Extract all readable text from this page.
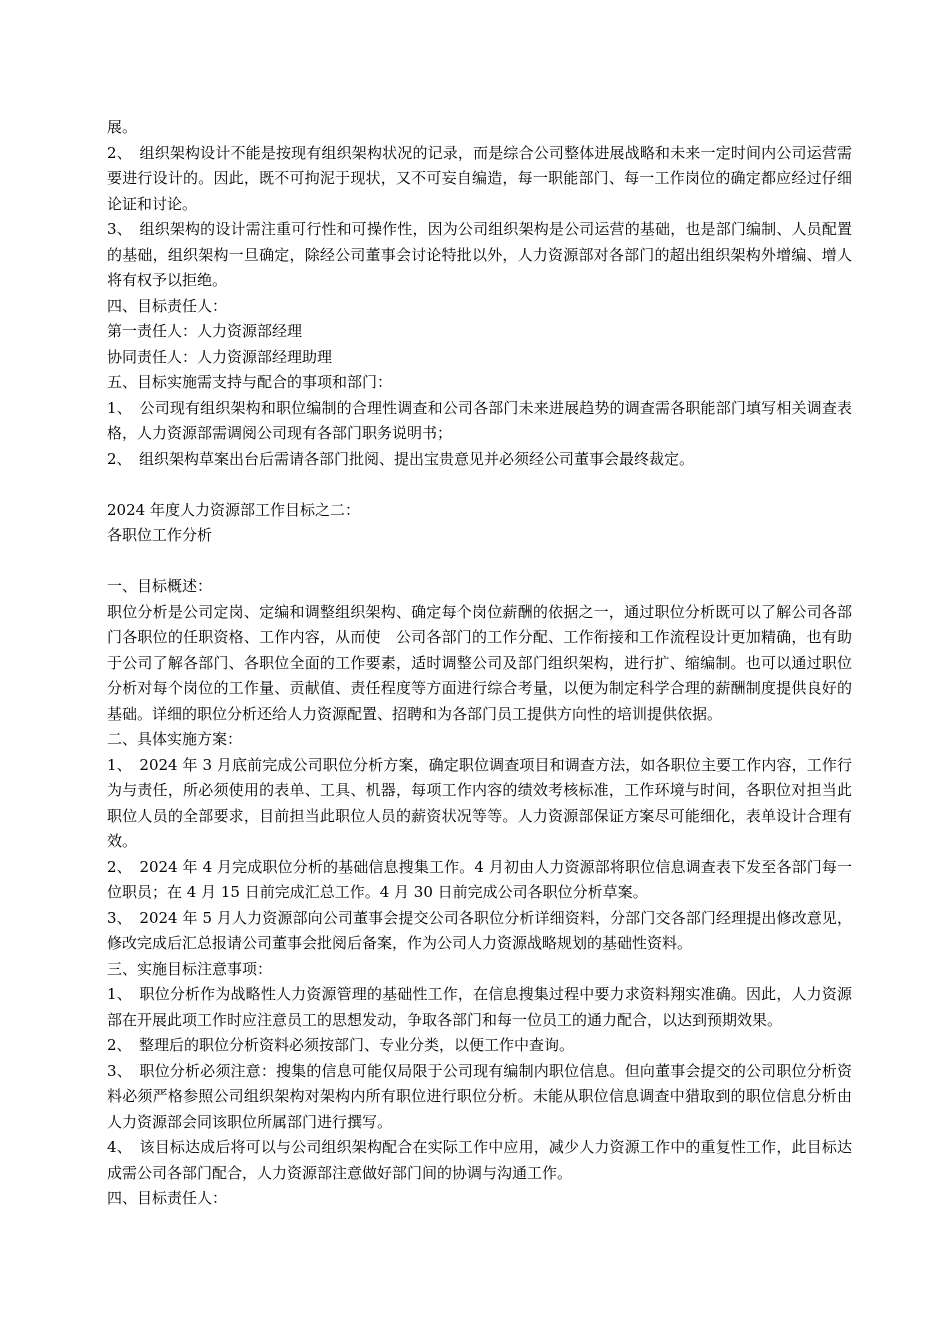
展。

2、　组织架构设计不能是按现有组织架构状况的记录，而是综合公司整体进展战略和未来一定时间内公司运营需要进行设计的。因此，既不可拘泥于现状，又不可妄自编造，每一职能部门、每一工作岗位的确定都应经过仔细论证和讨论。

3、　组织架构的设计需注重可行性和可操作性，因为公司组织架构是公司运营的基础，也是部门编制、人员配置的基础，组织架构一旦确定，除经公司董事会讨论特批以外，人力资源部对各部门的超出组织架构外增编、增人将有权予以拒绝。

四、目标责任人：

第一责任人：人力资源部经理

协同责任人：人力资源部经理助理

五、目标实施需支持与配合的事项和部门：

1、　公司现有组织架构和职位编制的合理性调查和公司各部门未来进展趋势的调查需各职能部门填写相关调查表格，人力资源部需调阅公司现有各部门职务说明书；

2、　组织架构草案出台后需请各部门批阅、提出宝贵意见并必须经公司董事会最终裁定。

2024 年度人力资源部工作目标之二：

各职位工作分析

一、目标概述：

职位分析是公司定岗、定编和调整组织架构、确定每个岗位薪酬的依据之一，通过职位分析既可以了解公司各部门各职位的任职资格、工作内容，从而使　公司各部门的工作分配、工作衔接和工作流程设计更加精确，也有助于公司了解各部门、各职位全面的工作要素，适时调整公司及部门组织架构，进行扩、缩编制。也可以通过职位分析对每个岗位的工作量、贡献值、责任程度等方面进行综合考量，以便为制定科学合理的薪酬制度提供良好的基础。详细的职位分析还给人力资源配置、招聘和为各部门员工提供方向性的培训提供依据。

二、具体实施方案：

1、　2024 年 3 月底前完成公司职位分析方案，确定职位调查项目和调查方法，如各职位主要工作内容，工作行为与责任，所必须使用的表单、工具、机器，每项工作内容的绩效考核标准，工作环境与时间，各职位对担当此职位人员的全部要求，目前担当此职位人员的薪资状况等等。人力资源部保证方案尽可能细化，表单设计合理有效。

2、　2024 年 4 月完成职位分析的基础信息搜集工作。4 月初由人力资源部将职位信息调查表下发至各部门每一位职员；在 4 月 15 日前完成汇总工作。4 月 30 日前完成公司各职位分析草案。

3、　2024 年 5 月人力资源部向公司董事会提交公司各职位分析详细资料，分部门交各部门经理提出修改意见，修改完成后汇总报请公司董事会批阅后备案，作为公司人力资源战略规划的基础性资料。

三、实施目标注意事项：

1、　职位分析作为战略性人力资源管理的基础性工作，在信息搜集过程中要力求资料翔实准确。因此，人力资源部在开展此项工作时应注意员工的思想发动，争取各部门和每一位员工的通力配合，以达到预期效果。

2、　整理后的职位分析资料必须按部门、专业分类，以便工作中查询。

3、　职位分析必须注意：搜集的信息可能仅局限于公司现有编制内职位信息。但向董事会提交的公司职位分析资料必须严格参照公司组织架构对架构内所有职位进行职位分析。未能从职位信息调查中猎取到的职位信息分析由人力资源部会同该职位所属部门进行撰写。

4、　该目标达成后将可以与公司组织架构配合在实际工作中应用，减少人力资源工作中的重复性工作，此目标达成需公司各部门配合，人力资源部注意做好部门间的协调与沟通工作。

四、目标责任人：
